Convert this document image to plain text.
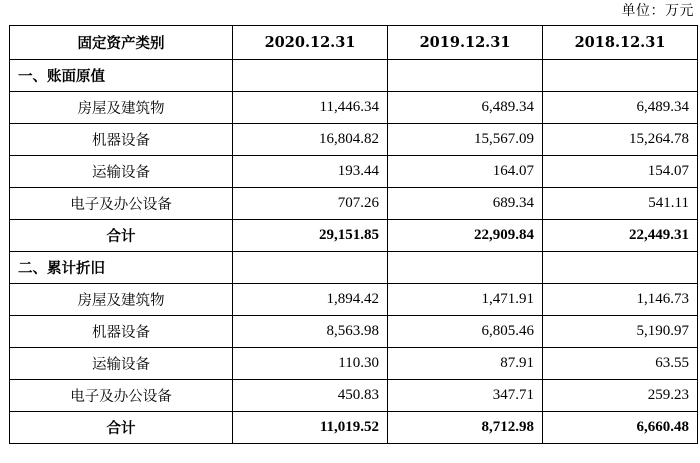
单位：万元
固定资产类别	2020.12.31	2019.12.31	2018.12.31
一、账面原值			
房屋及建筑物	11,446.34	6,489.34	6,489.34
机器设备	16,804.82	15,567.09	15,264.78
运输设备	193.44	164.07	154.07
电子及办公设备	707.26	689.34	541.11
合计	29,151.85	22,909.84	22,449.31
二、累计折旧			
房屋及建筑物	1,894.42	1,471.91	1,146.73
机器设备	8,563.98	6,805.46	5,190.97
运输设备	110.30	87.91	63.55
电子及办公设备	450.83	347.71	259.23
合计	11,019.52	8,712.98	6,660.48
